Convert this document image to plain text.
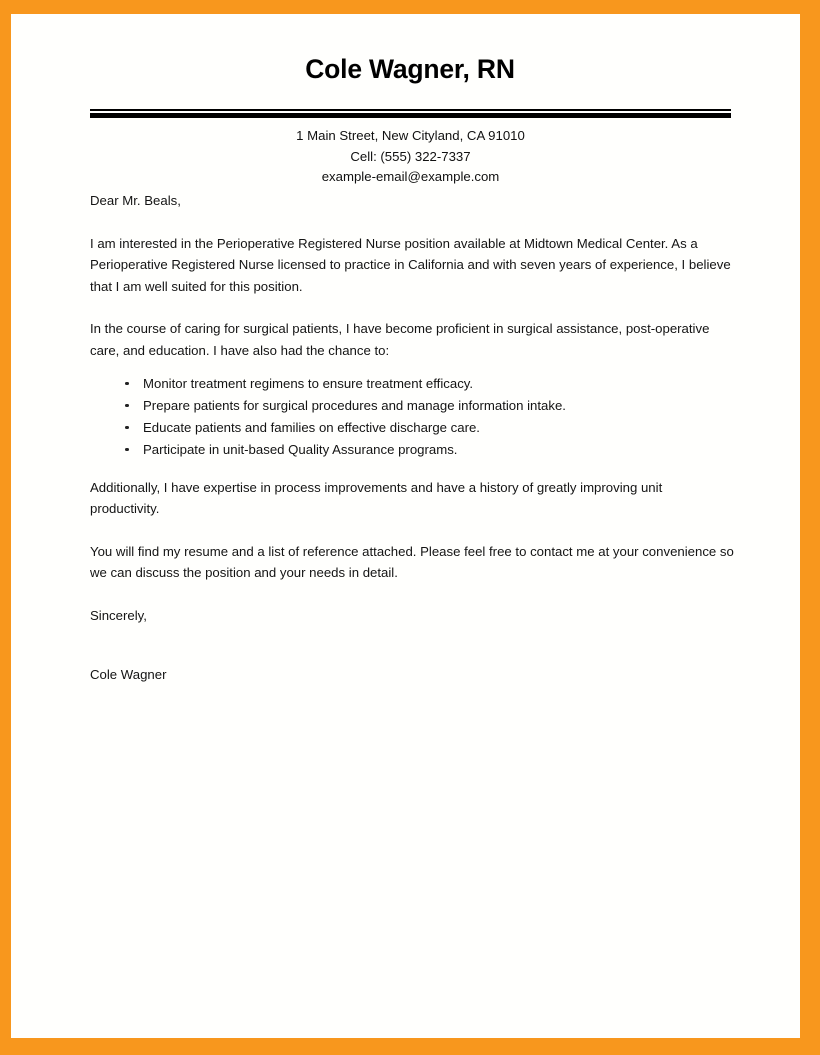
Cole Wagner, RN
1 Main Street, New Cityland, CA 91010
Cell: (555) 322-7337
example-email@example.com

Dear Mr. Beals,

I am interested in the Perioperative Registered Nurse position available at Midtown Medical Center. As a Perioperative Registered Nurse licensed to practice in California and with seven years of experience, I believe that I am well suited for this position.

In the course of caring for surgical patients, I have become proficient in surgical assistance, post-operative care, and education. I have also had the chance to:

Monitor treatment regimens to ensure treatment efficacy.
Prepare patients for surgical procedures and manage information intake.
Educate patients and families on effective discharge care.
Participate in unit-based Quality Assurance programs.

Additionally, I have expertise in process improvements and have a history of greatly improving unit productivity.

You will find my resume and a list of reference attached. Please feel free to contact me at your convenience so we can discuss the position and your needs in detail.

Sincerely,

Cole Wagner
